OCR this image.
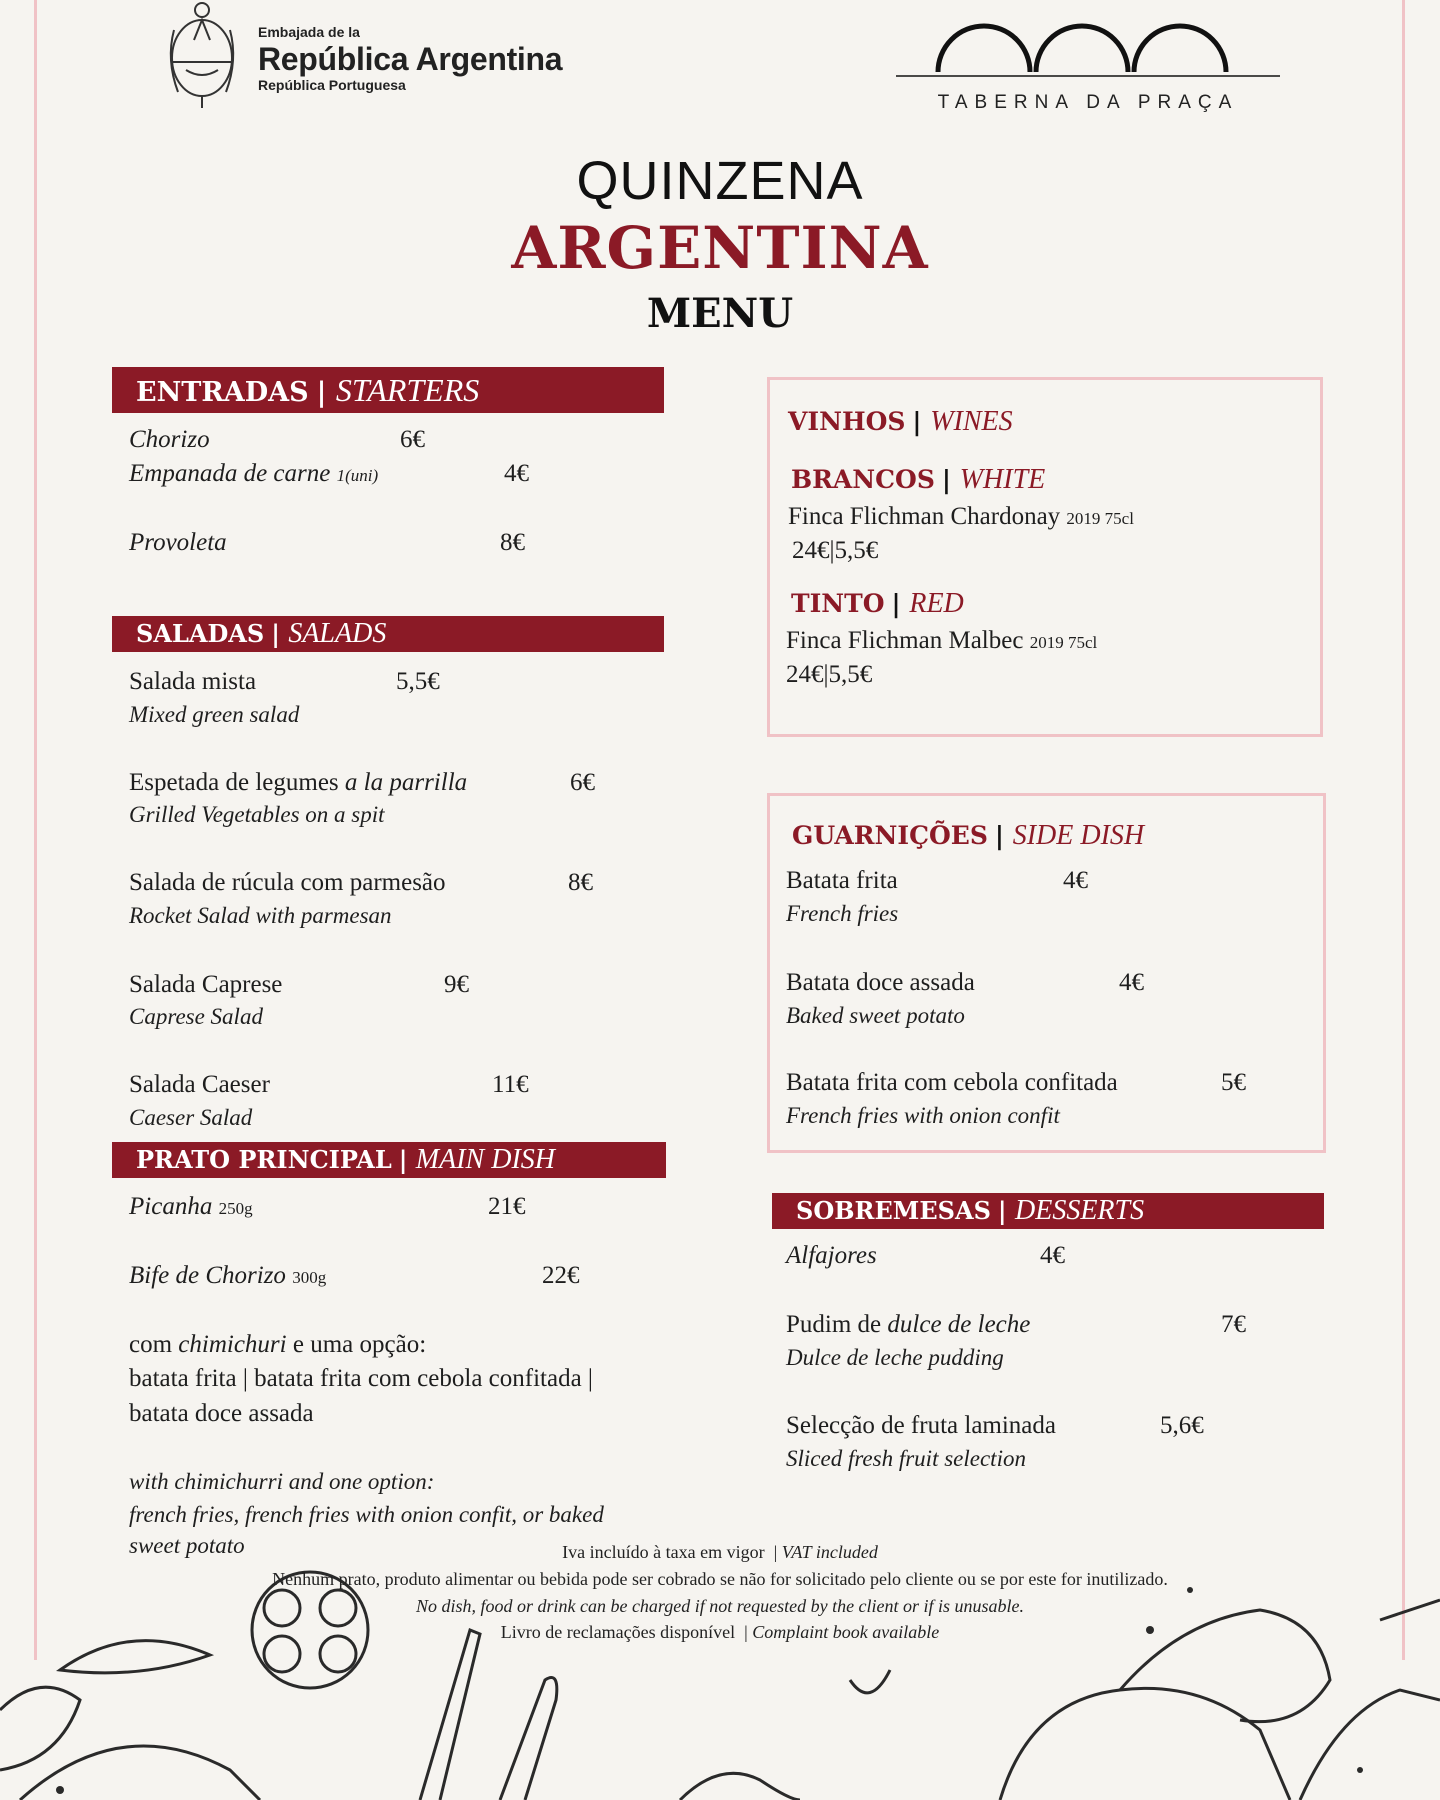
Embajada de la
República Argentina
República Portuguesa
TABERNA DA PRAÇA
QUINZENA
ARGENTINA
MENU
ENTRADAS | STARTERS
Chorizo	6€
Empanada de carne 1(uni)	4€
Provoleta	8€
SALADAS | SALADS
Salada mista	5,5€
Mixed green salad
Espetada de legumes a la parrilla	6€
Grilled Vegetables on a spit
Salada de rúcula com parmesão	8€
Rocket Salad with parmesan
Salada Caprese	9€
Caprese Salad
Salada Caeser	11€
Caeser Salad
PRATO PRINCIPAL | MAIN DISH
Picanha 250g	21€
Bife de Chorizo 300g	22€
com chimichuri e uma opção:
batata frita | batata frita com cebola confitada |
batata doce assada
with chimichurri and one option:
french fries, french fries with onion confit, or baked
sweet potato
VINHOS | WINES
BRANCOS | WHITE
Finca Flichman Chardonay 2019 75cl
24€|5,5€
TINTO | RED
Finca Flichman Malbec 2019 75cl
24€|5,5€
GUARNIÇÕES | SIDE DISH
Batata frita	4€
French fries
Batata doce assada	4€
Baked sweet potato
Batata frita com cebola confitada	5€
French fries with onion confit
SOBREMESAS | DESSERTS
Alfajores	4€
Pudim de dulce de leche	7€
Dulce de leche pudding
Selecção de fruta laminada	5,6€
Sliced fresh fruit selection
Iva incluído à taxa em vigor  | VAT included
Nenhum prato, produto alimentar ou bebida pode ser cobrado se não for solicitado pelo cliente ou se por este for inutilizado.
No dish, food or drink can be charged if not requested by the client or if is unusable.
Livro de reclamações disponível  | Complaint book available
